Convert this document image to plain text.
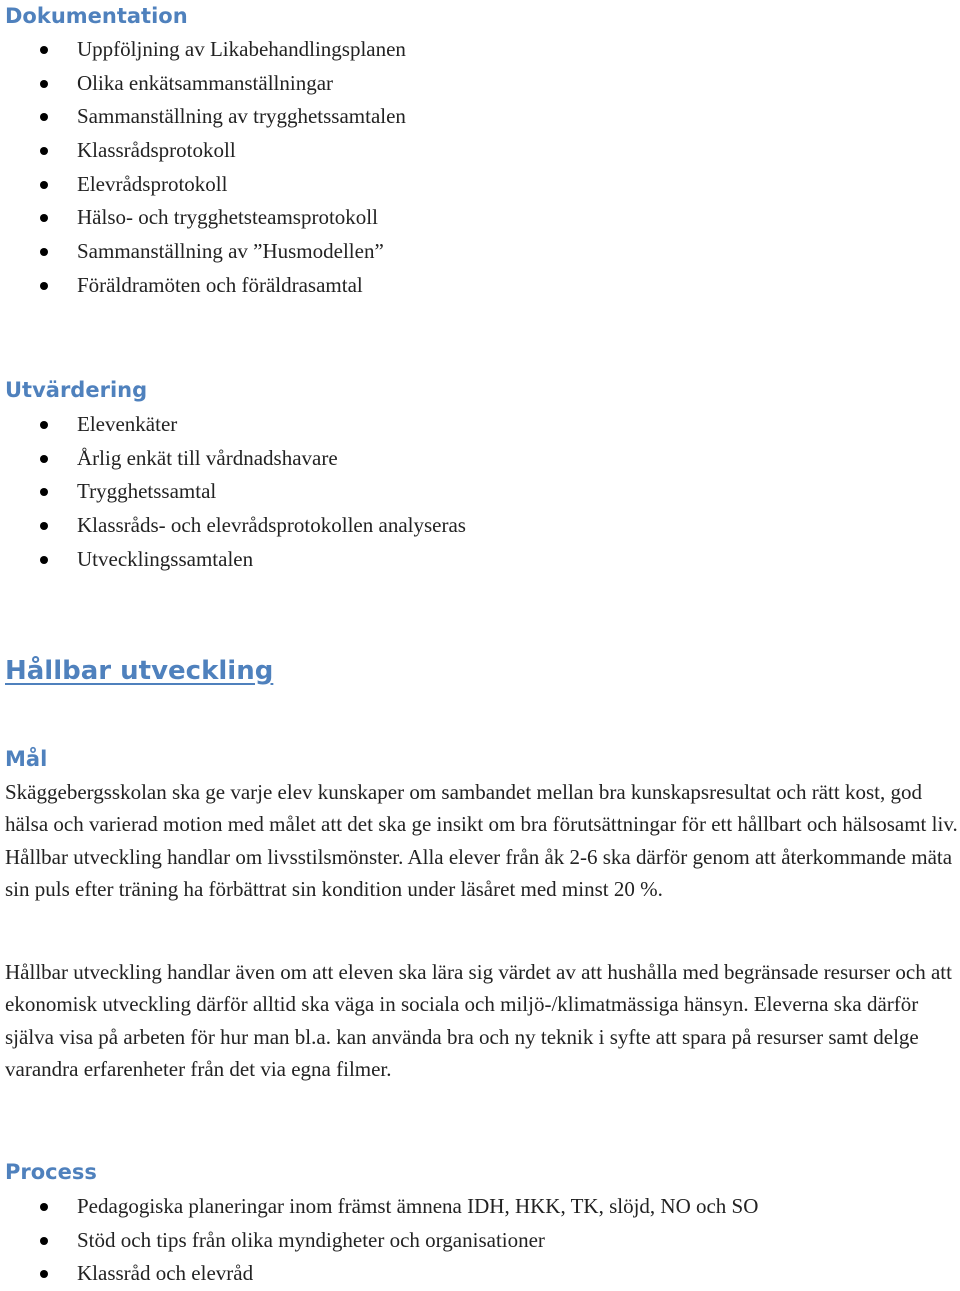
Dokumentation
Uppföljning av Likabehandlingsplanen
Olika enkätsammanställningar
Sammanställning av trygghetssamtalen
Klassrådsprotokoll
Elevrådsprotokoll
Hälso- och trygghetsteamsprotokoll
Sammanställning av ”Husmodellen”
Föräldramöten och föräldrasamtal
Utvärdering
Elevenkäter
Årlig enkät till vårdnadshavare
Trygghetssamtal
Klassråds- och elevrådsprotokollen analyseras
Utvecklingssamtalen
Hållbar utveckling
Mål

Skäggebergsskolan ska ge varje elev kunskaper om sambandet mellan bra kunskapsresultat och rätt kost, god hälsa och varierad motion med målet att det ska ge insikt om bra förutsättningar för ett hållbart och hälsosamt liv. Hållbar utveckling handlar om livsstilsmönster. Alla elever från åk 2-6 ska därför genom att återkommande mäta sin puls efter träning ha förbättrat sin kondition under läsåret med minst 20 %.

Hållbar utveckling handlar även om att eleven ska lära sig värdet av att hushålla med begränsade resurser och att ekonomisk utveckling därför alltid ska väga in sociala och miljö-/klimatmässiga hänsyn. Eleverna ska därför själva visa på arbeten för hur man bl.a. kan använda bra och ny teknik i syfte att spara på resurser samt delge varandra erfarenheter från det via egna filmer.

Process
Pedagogiska planeringar inom främst ämnena IDH, HKK, TK, slöjd, NO och SO
Stöd och tips från olika myndigheter och organisationer
Klassråd och elevråd
